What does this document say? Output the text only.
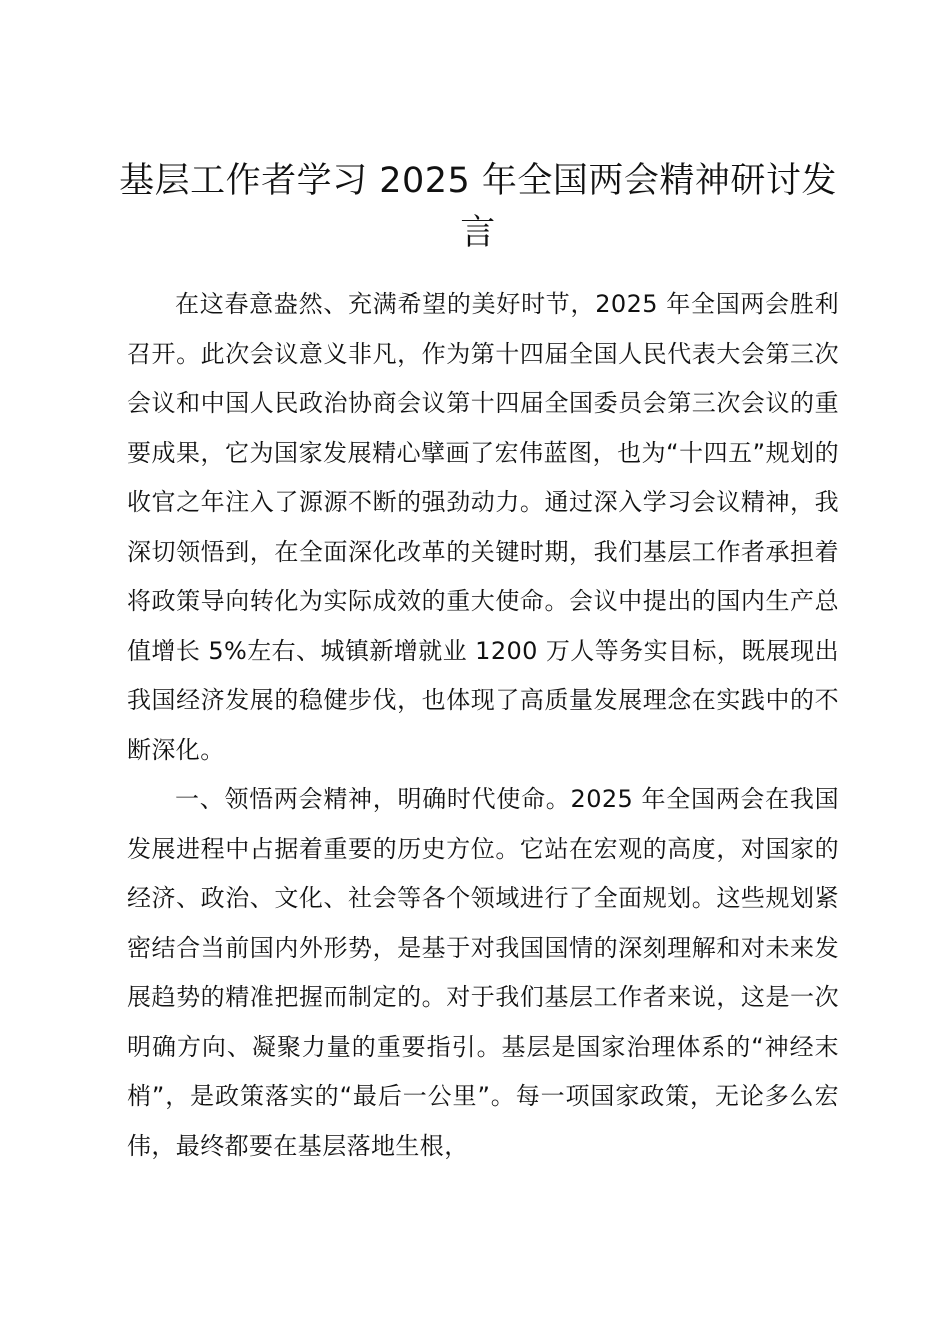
基层工作者学习 2025 年全国两会精神研讨发言

在这春意盎然、充满希望的美好时节，2025 年全国两会胜利召开。此次会议意义非凡，作为第十四届全国人民代表大会第三次会议和中国人民政治协商会议第十四届全国委员会第三次会议的重要成果，它为国家发展精心擘画了宏伟蓝图，也为“十四五”规划的收官之年注入了源源不断的强劲动力。通过深入学习会议精神，我深切领悟到，在全面深化改革的关键时期，我们基层工作者承担着将政策导向转化为实际成效的重大使命。会议中提出的国内生产总值增长 5%左右、城镇新增就业 1200 万人等务实目标，既展现出我国经济发展的稳健步伐，也体现了高质量发展理念在实践中的不断深化。

一、领悟两会精神，明确时代使命。2025 年全国两会在我国发展进程中占据着重要的历史方位。它站在宏观的高度，对国家的经济、政治、文化、社会等各个领域进行了全面规划。这些规划紧密结合当前国内外形势，是基于对我国国情的深刻理解和对未来发展趋势的精准把握而制定的。对于我们基层工作者来说，这是一次明确方向、凝聚力量的重要指引。基层是国家治理体系的“神经末梢”，是政策落实的“最后一公里”。每一项国家政策，无论多么宏伟，最终都要在基层落地生根，
